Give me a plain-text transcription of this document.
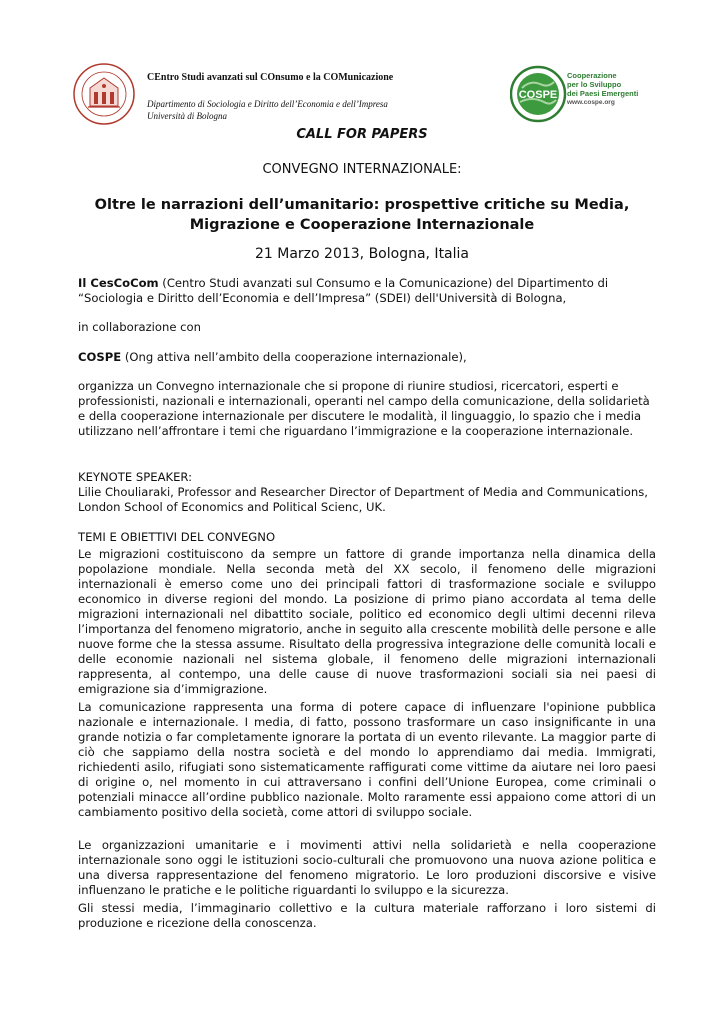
CEntro Studi avanzati sul COnsumo e la COMunicazione

Dipartimento di Sociologia e Diritto dell’Economia e dell’Impresa

Università di Bologna

COSPE
Cooperazione
per lo Sviluppo
dei Paesi Emergenti
www.cospe.org
CALL FOR PAPERS
CONVEGNO INTERNAZIONALE:
Oltre le narrazioni dell’umanitario: prospettive critiche su Media,
Migrazione e Cooperazione Internazionale
21 Marzo 2013, Bologna, Italia

Il CesCoCom (Centro Studi avanzati sul Consumo e la Comunicazione) del Dipartimento di “Sociologia e Diritto dell’Economia e dell’Impresa” (SDEI) dell'Università di Bologna,

in collaborazione con

COSPE (Ong attiva nell’ambito della cooperazione internazionale),

organizza un Convegno internazionale che si propone di riunire studiosi, ricercatori, esperti e professionisti, nazionali e internazionali, operanti nel campo della comunicazione, della solidarietà e della cooperazione internazionale per discutere le modalità, il linguaggio, lo spazio che i media utilizzano nell’affrontare i temi che riguardano l’immigrazione e la cooperazione internazionale.

KEYNOTE SPEAKER:

Lilie Chouliaraki, Professor and Researcher Director of Department of Media and Communications, London School of Economics and Political Scienc, UK.

TEMI E OBIETTIVI DEL CONVEGNO
Le migrazioni costituiscono da sempre un fattore di grande importanza nella dinamica della popolazione mondiale. Nella seconda metà del XX secolo, il fenomeno delle migrazioni internazionali è emerso come uno dei principali fattori di trasformazione sociale e sviluppo economico in diverse regioni del mondo. La posizione di primo piano accordata al tema delle migrazioni internazionali nel dibattito sociale, politico ed economico degli ultimi decenni rileva l’importanza del fenomeno migratorio, anche in seguito alla crescente mobilità delle persone e alle nuove forme che la stessa assume. Risultato della progressiva integrazione delle comunità locali e delle economie nazionali nel sistema globale, il fenomeno delle migrazioni internazionali rappresenta, al contempo, una delle cause di nuove trasformazioni sociali sia nei paesi di emigrazione sia d’immigrazione.
La comunicazione rappresenta una forma di potere capace di influenzare l'opinione pubblica nazionale e internazionale. I media, di fatto, possono trasformare un caso insignificante in una grande notizia o far completamente ignorare la portata di un evento rilevante. La maggior parte di ciò che sappiamo della nostra società e del mondo lo apprendiamo dai media. Immigrati, richiedenti asilo, rifugiati sono sistematicamente raffigurati come vittime da aiutare nei loro paesi di origine o, nel momento in cui attraversano i confini dell’Unione Europea, come criminali o potenziali minacce all’ordine pubblico nazionale. Molto raramente essi appaiono come attori di un cambiamento positivo della società, come attori di sviluppo sociale.
Le organizzazioni umanitarie e i movimenti attivi nella solidarietà e nella cooperazione internazionale sono oggi le istituzioni socio-culturali che promuovono una nuova azione politica e una diversa rappresentazione del fenomeno migratorio. Le loro produzioni discorsive e visive influenzano le pratiche e le politiche riguardanti lo sviluppo e la sicurezza.
Gli stessi media, l’immaginario collettivo e la cultura materiale rafforzano i loro sistemi di produzione e ricezione della conoscenza.
